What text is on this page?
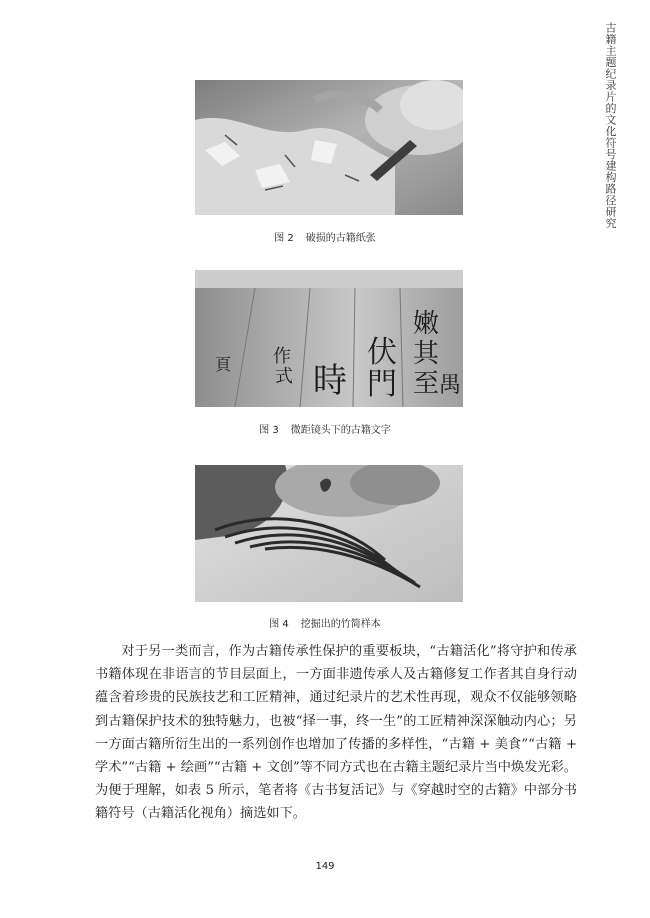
古籍主题纪录片的文化符号建构路径研究
图 2 破损的古籍纸张
時
伏
門
嫩
其
至 禺
作
式
頁
图 3 微距镜头下的古籍文字
图 4 挖掘出的竹简样本

对于另一类而言，作为古籍传承性保护的重要板块，“古籍活化”将守护和传承书籍体现在非语言的节目层面上，一方面非遗传承人及古籍修复工作者其自身行动蕴含着珍贵的民族技艺和工匠精神，通过纪录片的艺术性再现，观众不仅能够领略到古籍保护技术的独特魅力，也被“择一事，终一生”的工匠精神深深触动内心；另一方面古籍所衍生出的一系列创作也增加了传播的多样性，“古籍 + 美食”“古籍 + 学术”“古籍 + 绘画”“古籍 + 文创”等不同方式也在古籍主题纪录片当中焕发光彩。为便于理解，如表 5 所示，笔者将《古书复活记》与《穿越时空的古籍》中部分书籍符号（古籍活化视角）摘选如下。

149
